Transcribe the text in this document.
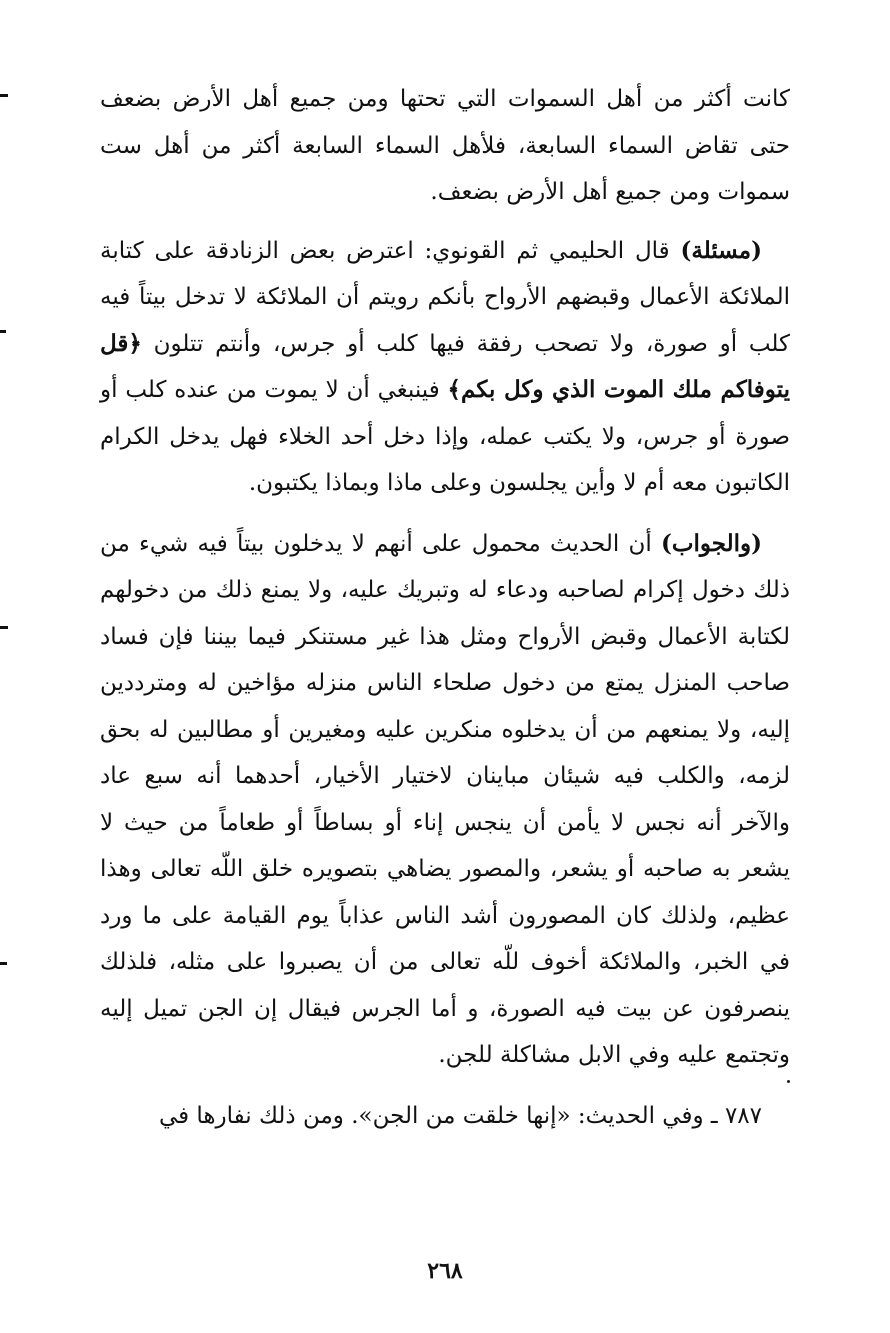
كانت أكثر من أهل السموات التي تحتها ومن جميع أهل الأرض بضعف حتى تقاض السماء السابعة، فلأهل السماء السابعة أكثر من أهل ست سموات ومن جميع أهل الأرض بضعف.

(مسئلة) قال الحليمي ثم القونوي: اعترض بعض الزنادقة على كتابة الملائكة الأعمال وقبضهم الأرواح بأنكم رويتم أن الملائكة لا تدخل بيتاً فيه كلب أو صورة، ولا تصحب رفقة فيها كلب أو جرس، وأنتم تتلون ﴿قل يتوفاكم ملك الموت الذي وكل بكم﴾ فينبغي أن لا يموت من عنده كلب أو صورة أو جرس، ولا يكتب عمله، وإذا دخل أحد الخلاء فهل يدخل الكرام الكاتبون معه أم لا وأين يجلسون وعلى ماذا وبماذا يكتبون.

(والجواب) أن الحديث محمول على أنهم لا يدخلون بيتاً فيه شيء من ذلك دخول إكرام لصاحبه ودعاء له وتبريك عليه، ولا يمنع ذلك من دخولهم لكتابة الأعمال وقبض الأرواح ومثل هذا غير مستنكر فيما بيننا فإن فساد صاحب المنزل يمتع من دخول صلحاء الناس منزله مؤاخين له ومترددين إليه، ولا يمنعهم من أن يدخلوه منكرين عليه ومغيرين أو مطالبين له بحق لزمه، والكلب فيه شيئان مباينان لاختيار الأخيار، أحدهما أنه سبع عاد والآخر أنه نجس لا يأمن أن ينجس إناء أو بساطاً أو طعاماً من حيث لا يشعر به صاحبه أو يشعر، والمصور يضاهي بتصويره خلق اللّه تعالى وهذا عظيم، ولذلك كان المصورون أشد الناس عذاباً يوم القيامة على ما ورد في الخبر، والملائكة أخوف للّه تعالى من أن يصبروا على مثله، فلذلك ينصرفون عن بيت فيه الصورة، و أما الجرس فيقال إن الجن تميل إليه وتجتمع عليه وفي الابل مشاكلة للجن.

٧٨٧ ـ وفي الحديث: «إنها خلقت من الجن». ومن ذلك نفارها في

٢٦٨
